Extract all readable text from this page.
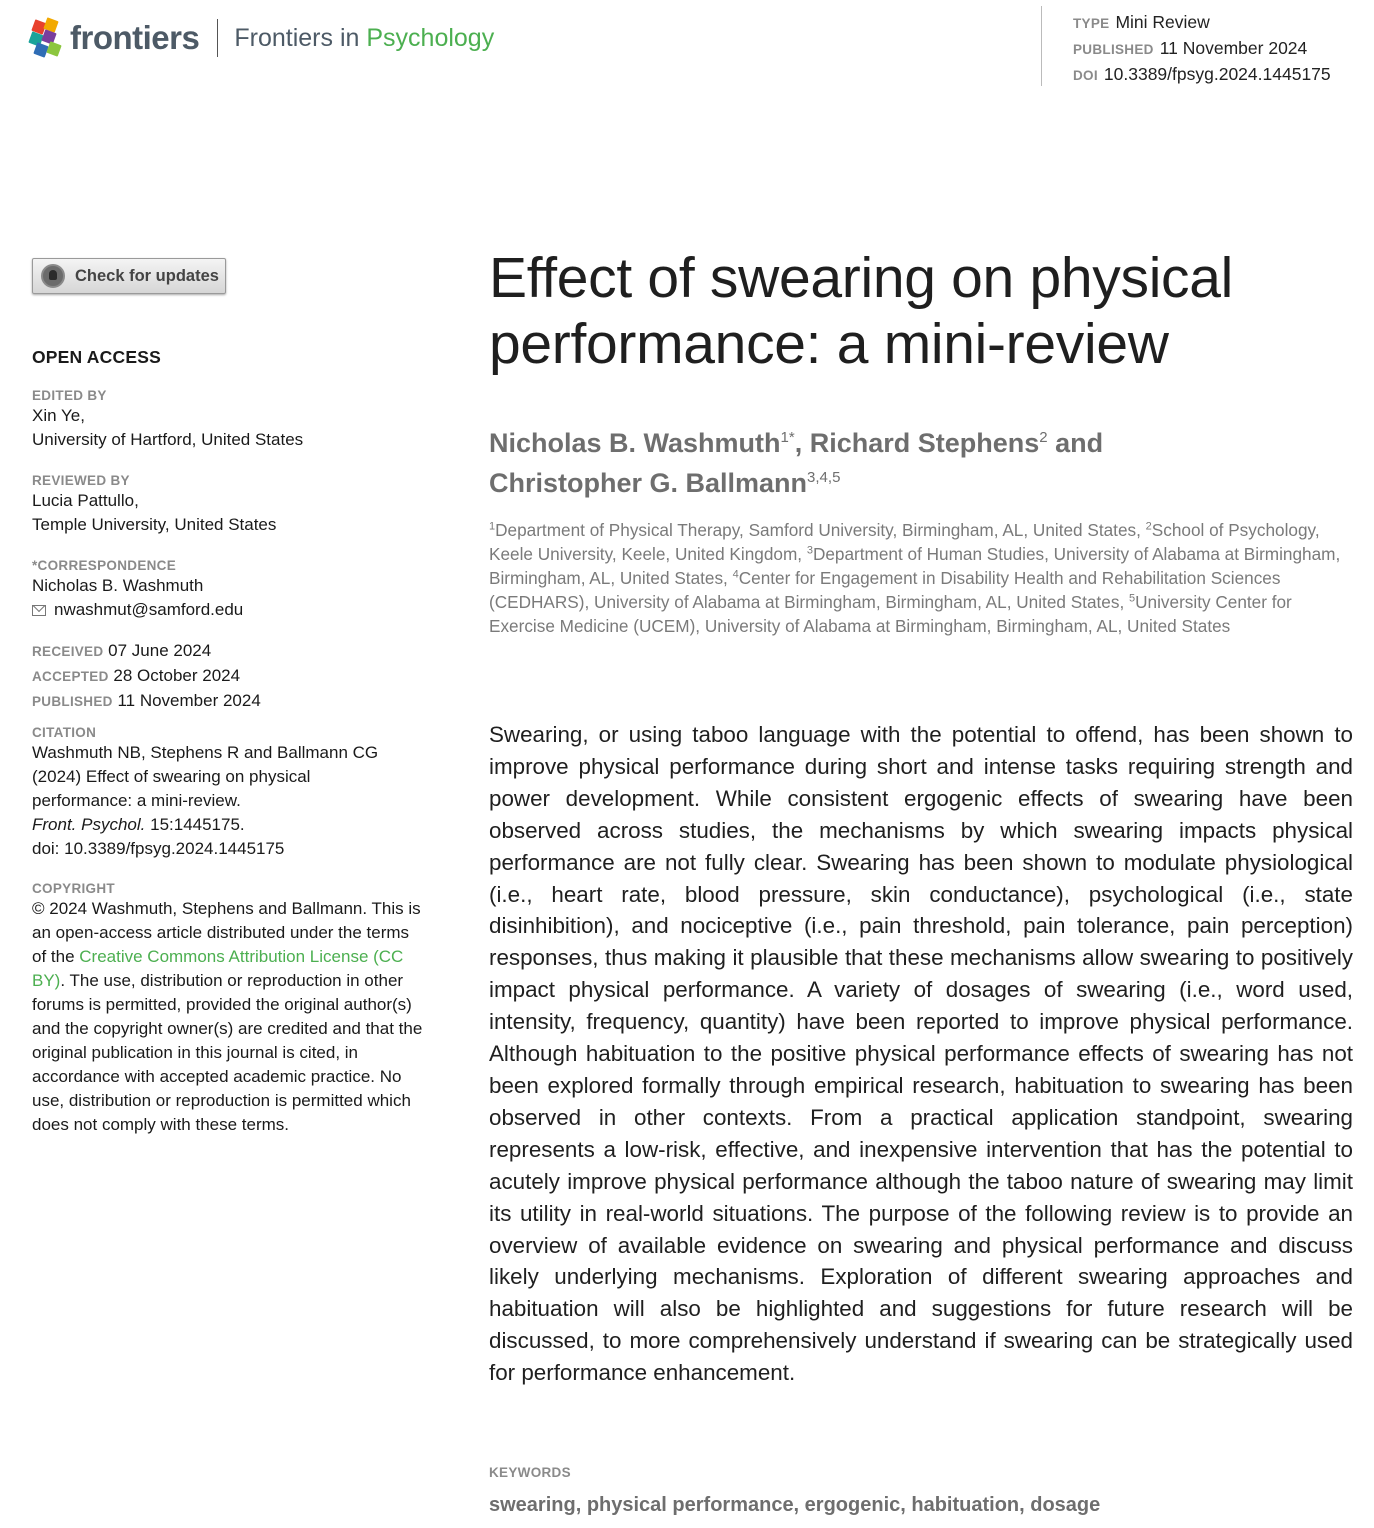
frontiers Frontiers in Psychology	TYPE Mini Review
PUBLISHED 11 November 2024
DOI 10.3389/fpsyg.2024.1445175
Check for updates
OPEN ACCESS
EDITED BY
Xin Ye,
University of Hartford, United States
REVIEWED BY
Lucia Pattullo,
Temple University, United States
*CORRESPONDENCE
Nicholas B. Washmuth
nwashmut@samford.edu
RECEIVED 07 June 2024
ACCEPTED 28 October 2024
PUBLISHED 11 November 2024
CITATION
Washmuth NB, Stephens R and Ballmann CG
(2024) Effect of swearing on physical
performance: a mini-review.
Front. Psychol. 15:1445175.
doi: 10.3389/fpsyg.2024.1445175
COPYRIGHT
© 2024 Washmuth, Stephens and Ballmann. This is an open-access article distributed under the terms of the Creative Commons Attribution License (CC BY). The use, distribution or reproduction in other forums is permitted, provided the original author(s) and the copyright owner(s) are credited and that the original publication in this journal is cited, in accordance with accepted academic practice. No use, distribution or reproduction is permitted which does not comply with these terms.
Effect of swearing on physical performance: a mini-review
Nicholas B. Washmuth$^{1*}$, Richard Stephens$^2$ and
Christopher G. Ballmann$^{3,4,5}$
$^1$Department of Physical Therapy, Samford University, Birmingham, AL, United States, $^2$School of Psychology, Keele University, Keele, United Kingdom, $^3$Department of Human Studies, University of Alabama at Birmingham, Birmingham, AL, United States, $^4$Center for Engagement in Disability Health and Rehabilitation Sciences (CEDHARS), University of Alabama at Birmingham, Birmingham, AL, United States, $^5$University Center for Exercise Medicine (UCEM), University of Alabama at Birmingham, Birmingham, AL, United States
Swearing, or using taboo language with the potential to offend, has been shown to improve physical performance during short and intense tasks requiring strength and power development. While consistent ergogenic effects of swearing have been observed across studies, the mechanisms by which swearing impacts physical performance are not fully clear. Swearing has been shown to modulate physiological (i.e., heart rate, blood pressure, skin conductance), psychological (i.e., state disinhibition), and nociceptive (i.e., pain threshold, pain tolerance, pain perception) responses, thus making it plausible that these mechanisms allow swearing to positively impact physical performance. A variety of dosages of swearing (i.e., word used, intensity, frequency, quantity) have been reported to improve physical performance. Although habituation to the positive physical performance effects of swearing has not been explored formally through empirical research, habituation to swearing has been observed in other contexts. From a practical application standpoint, swearing represents a low-risk, effective, and inexpensive intervention that has the potential to acutely improve physical performance although the taboo nature of swearing may limit its utility in real-world situations. The purpose of the following review is to provide an overview of available evidence on swearing and physical performance and discuss likely underlying mechanisms. Exploration of different swearing approaches and habituation will also be highlighted and suggestions for future research will be discussed, to more comprehensively understand if swearing can be strategically used for performance enhancement.
KEYWORDS
swearing, physical performance, ergogenic, habituation, dosage
